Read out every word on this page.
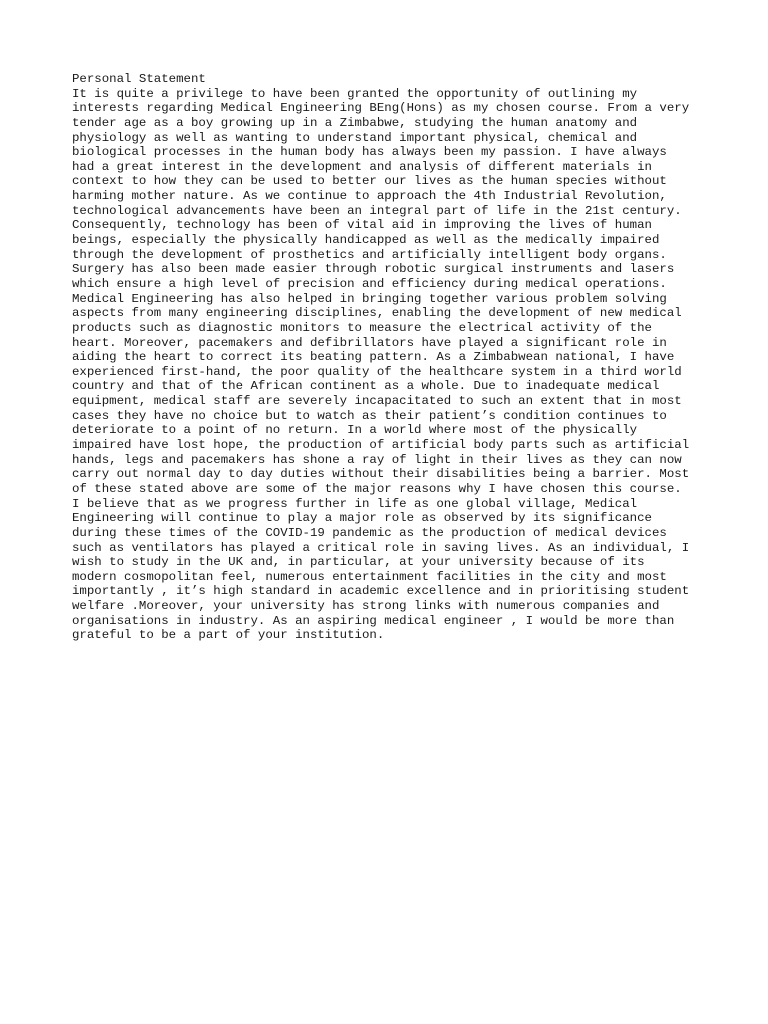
Personal Statement
It is quite a privilege to have been granted the opportunity of outlining my
interests regarding Medical Engineering BEng(Hons) as my chosen course. From a very
tender age as a boy growing up in a Zimbabwe, studying the human anatomy and
physiology as well as wanting to understand important physical, chemical and
biological processes in the human body has always been my passion. I have always
had a great interest in the development and analysis of different materials in
context to how they can be used to better our lives as the human species without
harming mother nature. As we continue to approach the 4th Industrial Revolution,
technological advancements have been an integral part of life in the 21st century.
Consequently, technology has been of vital aid in improving the lives of human
beings, especially the physically handicapped as well as the medically impaired
through the development of prosthetics and artificially intelligent body organs.
Surgery has also been made easier through robotic surgical instruments and lasers
which ensure a high level of precision and efficiency during medical operations.
Medical Engineering has also helped in bringing together various problem solving
aspects from many engineering disciplines, enabling the development of new medical
products such as diagnostic monitors to measure the electrical activity of the
heart. Moreover, pacemakers and defibrillators have played a significant role in
aiding the heart to correct its beating pattern. As a Zimbabwean national, I have
experienced first-hand, the poor quality of the healthcare system in a third world
country and that of the African continent as a whole. Due to inadequate medical
equipment, medical staff are severely incapacitated to such an extent that in most
cases they have no choice but to watch as their patient’s condition continues to
deteriorate to a point of no return. In a world where most of the physically
impaired have lost hope, the production of artificial body parts such as artificial
hands, legs and pacemakers has shone a ray of light in their lives as they can now
carry out normal day to day duties without their disabilities being a barrier. Most
of these stated above are some of the major reasons why I have chosen this course.
I believe that as we progress further in life as one global village, Medical
Engineering will continue to play a major role as observed by its significance
during these times of the COVID-19 pandemic as the production of medical devices
such as ventilators has played a critical role in saving lives. As an individual, I
wish to study in the UK and, in particular, at your university because of its
modern cosmopolitan feel, numerous entertainment facilities in the city and most
importantly , it’s high standard in academic excellence and in prioritising student
welfare .Moreover, your university has strong links with numerous companies and
organisations in industry. As an aspiring medical engineer , I would be more than
grateful to be a part of your institution.
